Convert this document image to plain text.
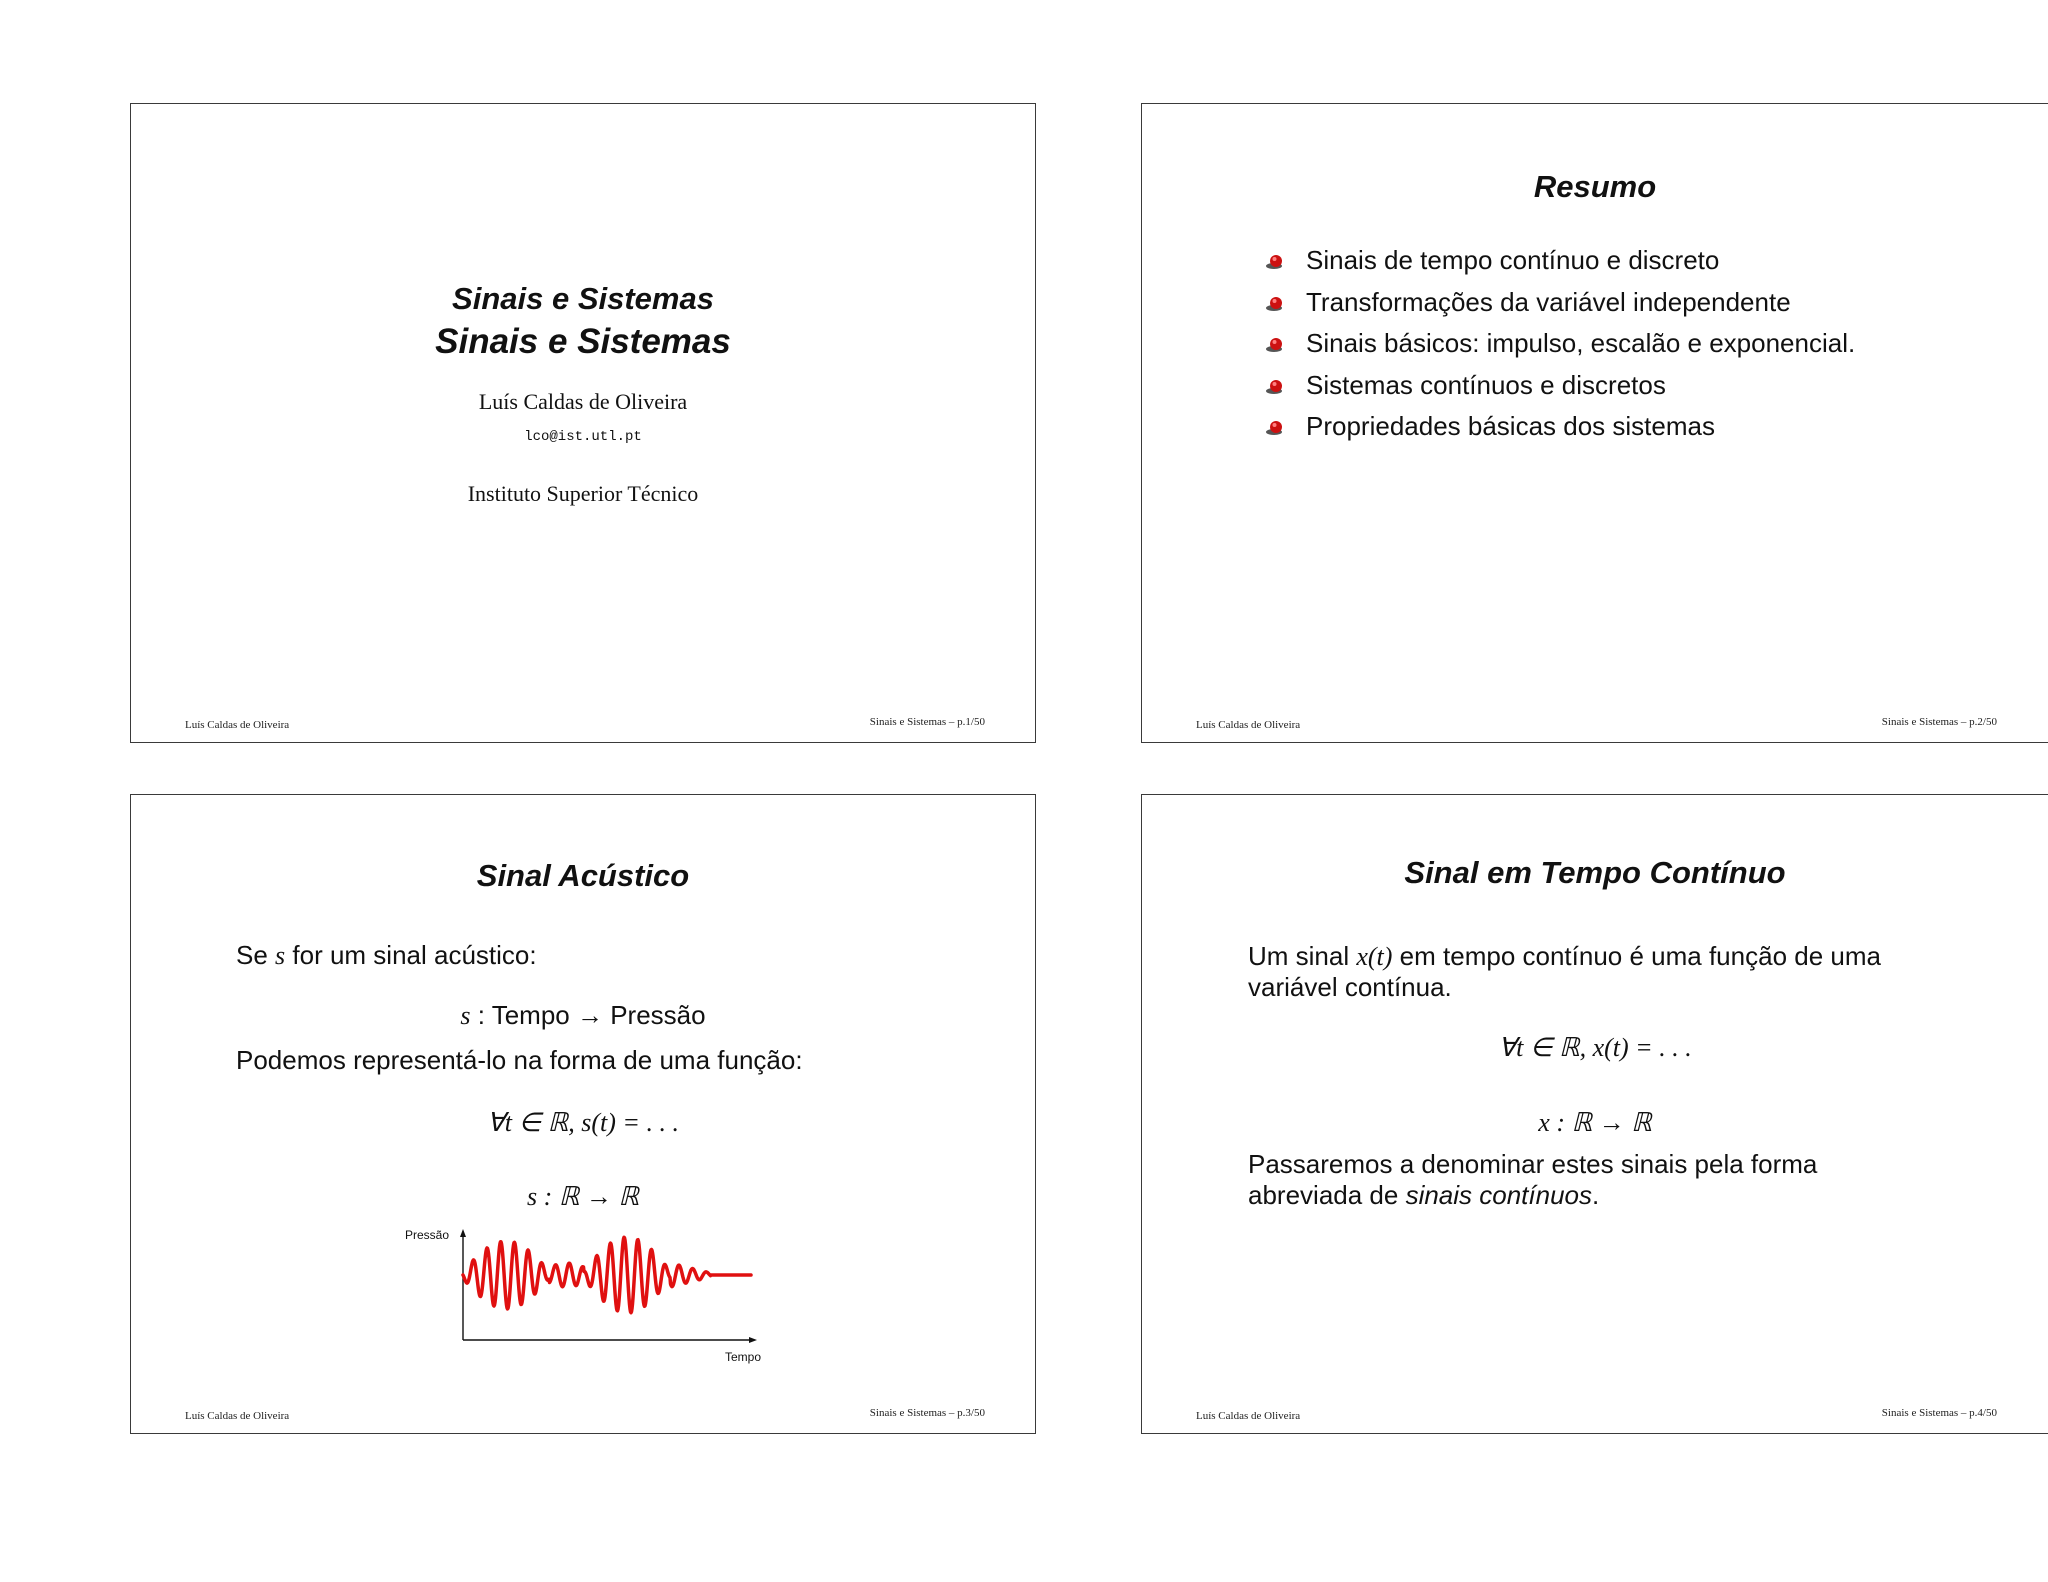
Sinais e Sistemas
Sinais e Sistemas
Luís Caldas de Oliveira
lco@ist.utl.pt
Instituto Superior Técnico
Luís Caldas de Oliveira	Sinais e Sistemas – p.1/50
Resumo
Sinais de tempo contínuo e discreto
Transformações da variável independente
Sinais básicos: impulso, escalão e exponencial.
Sistemas contínuos e discretos
Propriedades básicas dos sistemas
Luís Caldas de Oliveira	Sinais e Sistemas – p.2/50
Sinal Acústico
Se s for um sinal acústico:
s : Tempo → Pressão
Podemos representá-lo na forma de uma função:
∀t ∈ ℝ, s(t) = . . .
s : ℝ → ℝ
Pressão
Tempo
Luís Caldas de Oliveira	Sinais e Sistemas – p.3/50
Sinal em Tempo Contínuo
Um sinal x(t) em tempo contínuo é uma função de uma
variável contínua.
∀t ∈ ℝ, x(t) = . . .
x : ℝ → ℝ
Passaremos a denominar estes sinais pela forma
abreviada de sinais contínuos.
Luís Caldas de Oliveira	Sinais e Sistemas – p.4/50
